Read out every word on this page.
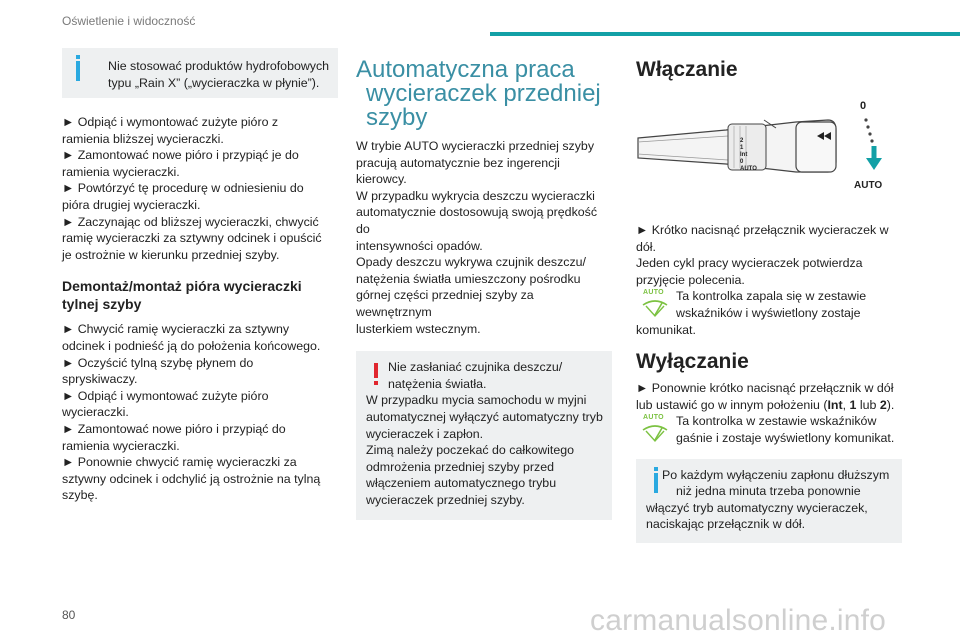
Oświetlenie i widoczność

Nie stosować produktów hydrofobowych

typu „Rain X” („wycieraczka w płynie”).

► Odpiąć i wymontować zużyte pióro z

ramienia bliższej wycieraczki.

► Zamontować nowe pióro i przypiąć je do

ramienia wycieraczki.

► Powtórzyć tę procedurę w odniesieniu do

pióra drugiej wycieraczki.

► Zaczynając od bliższej wycieraczki, chwycić

ramię wycieraczki za sztywny odcinek i opuścić

je ostrożnie w kierunku przedniej szyby.

Demontaż/montaż pióra wycieraczki
tylnej szyby

► Chwycić ramię wycieraczki za sztywny

odcinek i podnieść ją do położenia końcowego.

► Oczyścić tylną szybę płynem do

spryskiwaczy.

► Odpiąć i wymontować zużyte pióro

wycieraczki.

► Zamontować nowe pióro i przypiąć do

ramienia wycieraczki.

► Ponownie chwycić ramię wycieraczki za

sztywny odcinek i odchylić ją ostrożnie na tylną

szybę.

Automatyczna praca
wycieraczek przedniej
szyby

W trybie AUTO wycieraczki przedniej szyby

pracują automatycznie bez ingerencji kierowcy.

W przypadku wykrycia deszczu wycieraczki

automatycznie dostosowują swoją prędkość do

intensywności opadów.

Opady deszczu wykrywa czujnik deszczu/

natężenia światła umieszczony pośrodku

górnej części przedniej szyby za wewnętrznym

lusterkiem wstecznym.

Nie zasłaniać czujnika deszczu/

natężenia światła.

W przypadku mycia samochodu w myjni

automatycznej wyłączyć automatyczny tryb

wycieraczek i zapłon.

Zimą należy poczekać do całkowitego

odmrożenia przedniej szyby przed

włączeniem automatycznego trybu

wycieraczek przedniej szyby.

Włączanie
2
1
Int
0
AUTO
0
AUTO

► Krótko nacisnąć przełącznik wycieraczek w

dół.

Jeden cykl pracy wycieraczek potwierdza

przyjęcie polecenia.

AUTO Ta kontrolka zapala się w zestawie

wskaźników i wyświetlony zostaje

komunikat.

Wyłączanie

► Ponownie krótko nacisnąć przełącznik w dół

lub ustawić go w innym położeniu (Int, 1 lub 2).

AUTO Ta kontrolka w zestawie wskaźników

gaśnie i zostaje wyświetlony komunikat.

Po każdym wyłączeniu zapłonu dłuższym

niż jedna minuta trzeba ponownie

włączyć tryb automatyczny wycieraczek,

naciskając przełącznik w dół.

80	carmanualsonline.info
